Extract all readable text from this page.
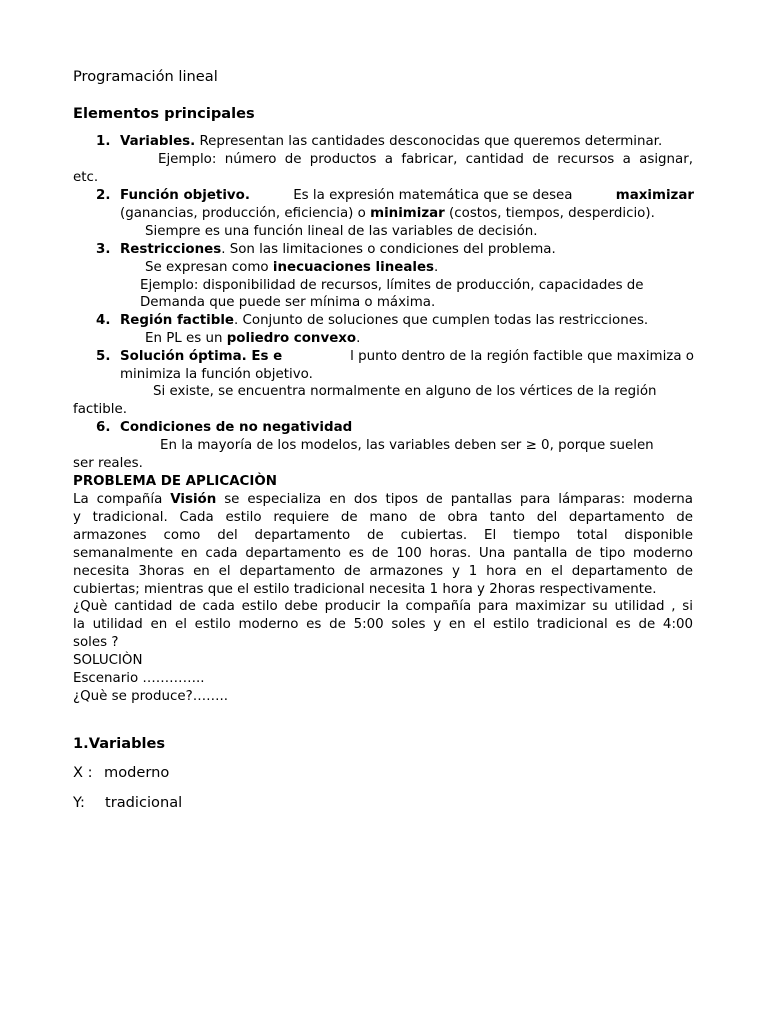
Programación lineal
Elementos principales
1. Variables. Representan las cantidades desconocidas que queremos determinar.
Ejemplo: número de productos a fabricar, cantidad de recursos a asignar,
etc.
2. Función objetivo.	Es la expresión matemática que se desea	maximizar
(ganancias, producción, eficiencia) o minimizar (costos, tiempos, desperdicio).
Siempre es una función lineal de las variables de decisión.
3. Restricciones. Son las limitaciones o condiciones del problema.
Se expresan como inecuaciones lineales.
Ejemplo: disponibilidad de recursos, límites de producción, capacidades de
Demanda que puede ser mínima o máxima.
4. Región factible. Conjunto de soluciones que cumplen todas las restricciones.
En PL es un poliedro convexo.
5. Solución óptima. Es e	l punto dentro de la región factible que maximiza o
minimiza la función objetivo.
Si existe, se encuentra normalmente en alguno de los vértices de la región
factible.
6. Condiciones de no negatividad
En la mayoría de los modelos, las variables deben ser ≥ 0, porque suelen
ser reales.
PROBLEMA DE APLICACIÒN
La compañía Visión se especializa en dos tipos de pantallas para lámparas: moderna
y tradicional. Cada estilo requiere de mano de obra tanto del departamento de
armazones como del departamento de cubiertas. El tiempo total disponible
semanalmente en cada departamento es de 100 horas. Una pantalla de tipo moderno
necesita 3horas en el departamento de armazones y 1 hora en el departamento de
cubiertas; mientras que el estilo tradicional necesita 1 hora y 2horas respectivamente.
¿Què cantidad de cada estilo debe producir la compañía para maximizar su utilidad , si
la utilidad en el estilo moderno es de 5:00 soles y en el estilo tradicional es de 4:00
soles ?
SOLUCIÒN
Escenario …………..
¿Què se produce?……..
1.Variables
X : moderno
Y: tradicional
